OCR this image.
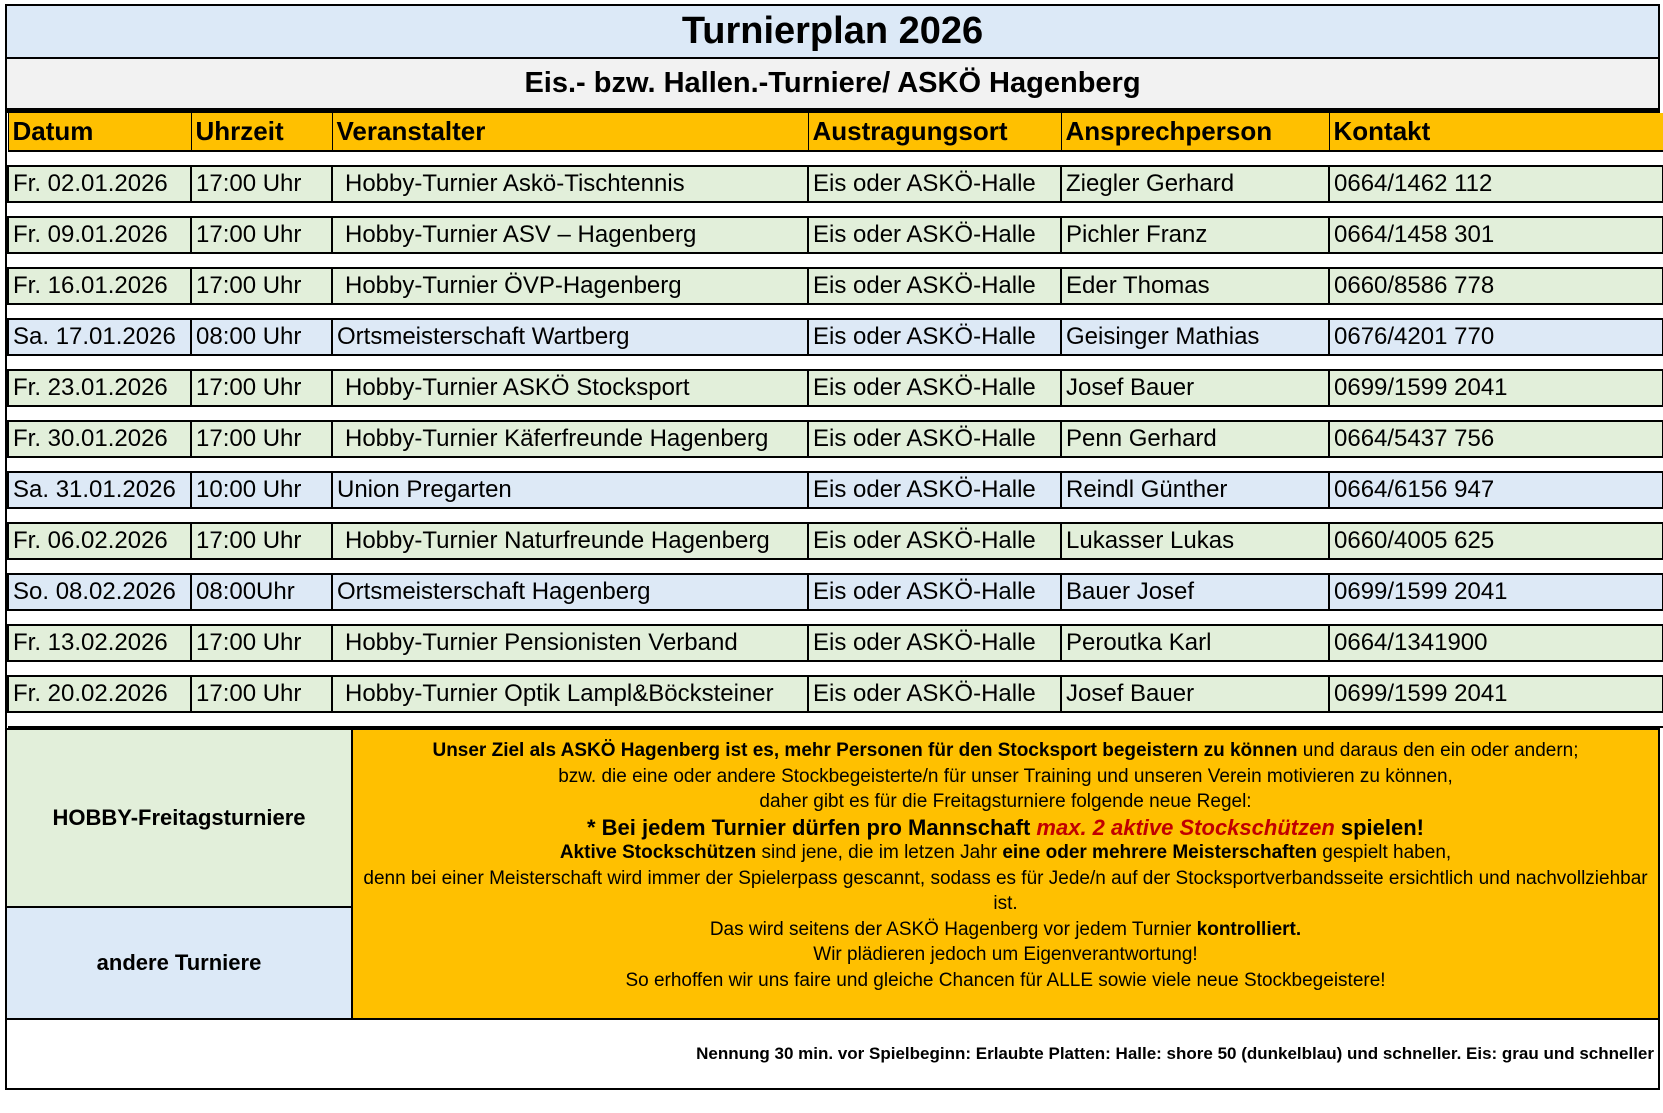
Turnierplan 2026
Eis.- bzw. Hallen.-Turniere/ ASKÖ Hagenberg
Datum	Uhrzeit	Veranstalter	Austragungsort	Ansprechperson	Kontakt

Fr. 02.01.2026	17:00 Uhr	Hobby-Turnier Askö-Tischtennis	Eis oder ASKÖ-Halle	Ziegler Gerhard	0664/1462 112

Fr. 09.01.2026	17:00 Uhr	Hobby-Turnier ASV – Hagenberg	Eis oder ASKÖ-Halle	Pichler Franz	0664/1458 301

Fr. 16.01.2026	17:00 Uhr	Hobby-Turnier ÖVP-Hagenberg	Eis oder ASKÖ-Halle	Eder Thomas	0660/8586 778

Sa. 17.01.2026	08:00 Uhr	Ortsmeisterschaft Wartberg	Eis oder ASKÖ-Halle	Geisinger Mathias	0676/4201 770

Fr. 23.01.2026	17:00 Uhr	Hobby-Turnier ASKÖ Stocksport	Eis oder ASKÖ-Halle	Josef Bauer	0699/1599 2041

Fr. 30.01.2026	17:00 Uhr	Hobby-Turnier Käferfreunde Hagenberg	Eis oder ASKÖ-Halle	Penn Gerhard	0664/5437 756

Sa. 31.01.2026	10:00 Uhr	Union Pregarten	Eis oder ASKÖ-Halle	Reindl Günther	0664/6156 947

Fr. 06.02.2026	17:00 Uhr	Hobby-Turnier Naturfreunde Hagenberg	Eis oder ASKÖ-Halle	Lukasser Lukas	0660/4005 625

So. 08.02.2026	08:00Uhr	Ortsmeisterschaft Hagenberg	Eis oder ASKÖ-Halle	Bauer Josef	0699/1599 2041

Fr. 13.02.2026	17:00 Uhr	Hobby-Turnier Pensionisten Verband	Eis oder ASKÖ-Halle	Peroutka Karl	0664/1341900

Fr. 20.02.2026	17:00 Uhr	Hobby-Turnier Optik Lampl&Böcksteiner	Eis oder ASKÖ-Halle	Josef Bauer	0699/1599 2041

HOBBY-Freitagsturniere
andere Turniere
Unser Ziel als ASKÖ Hagenberg ist es, mehr Personen für den Stocksport begeistern zu können und daraus den ein oder andern;
bzw. die eine oder andere Stockbegeisterte/n für unser Training und unseren Verein motivieren zu können,
daher gibt es für die Freitagsturniere folgende neue Regel:
* Bei jedem Turnier dürfen pro Mannschaft max. 2 aktive Stockschützen spielen!
Aktive Stockschützen sind jene, die im letzen Jahr eine oder mehrere Meisterschaften gespielt haben,
denn bei einer Meisterschaft wird immer der Spielerpass gescannt, sodass es für Jede/n auf der Stocksportverbandsseite ersichtlich und nachvollziehbar ist.
Das wird seitens der ASKÖ Hagenberg vor jedem Turnier kontrolliert.
Wir plädieren jedoch um Eigenverantwortung!
So erhoffen wir uns faire und gleiche Chancen für ALLE sowie viele neue Stockbegeistere!
Nennung 30 min. vor Spielbeginn: Erlaubte Platten: Halle: shore 50 (dunkelblau) und schneller. Eis: grau und schneller
